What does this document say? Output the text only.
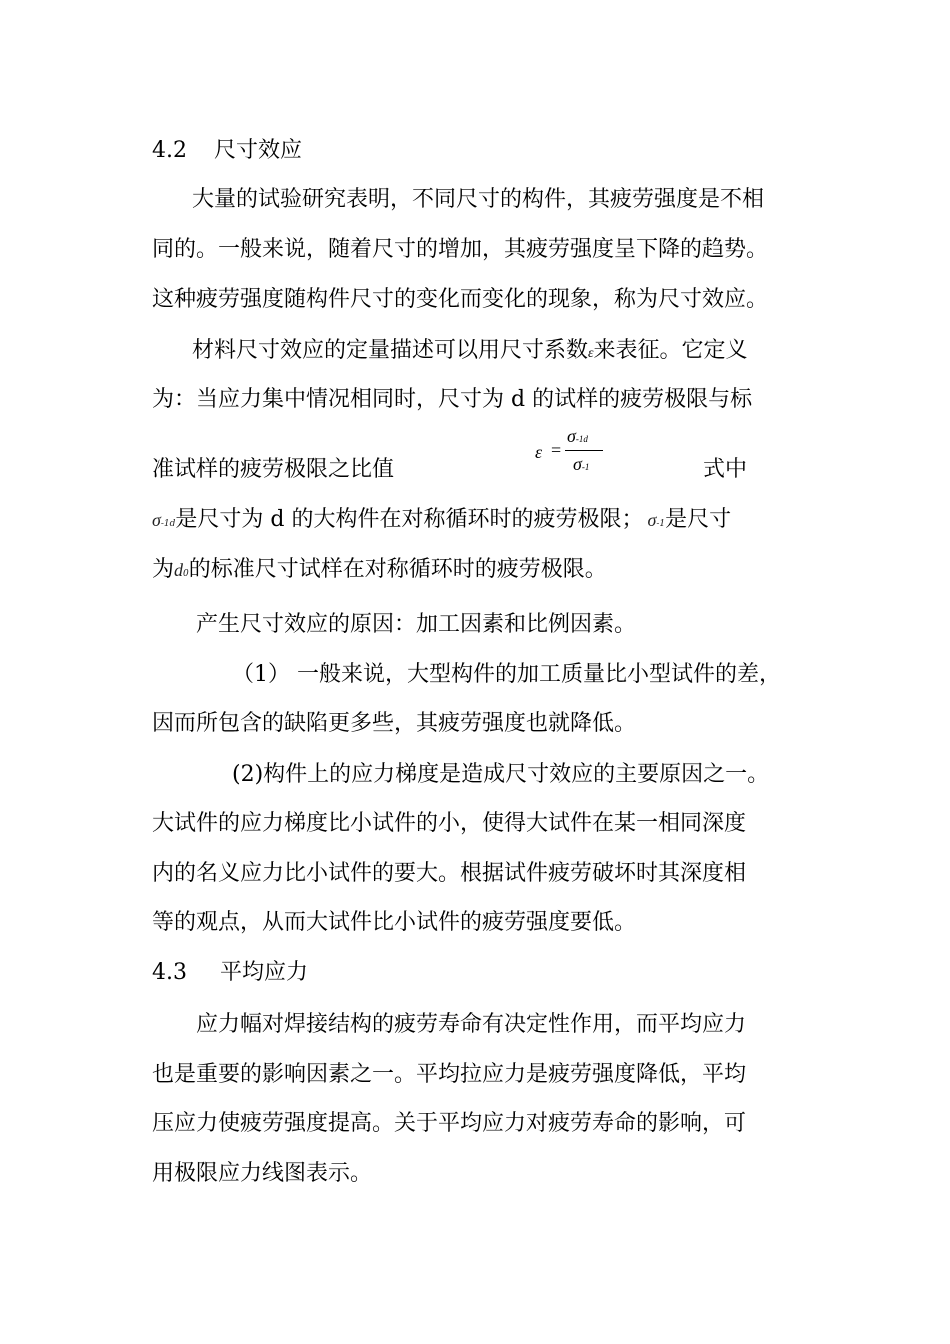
4.2 尺寸效应
大量的试验研究表明，不同尺寸的构件，其疲劳强度是不相
同的。一般来说，随着尺寸的增加，其疲劳强度呈下降的趋势。
这种疲劳强度随构件尺寸的变化而变化的现象，称为尺寸效应。
材料尺寸效应的定量描述可以用尺寸系数ε来表征。它定义
为：当应力集中情况相同时，尺寸为 d 的试样的疲劳极限与标
准试样的疲劳极限之比值
ε =
σ-1d
σ-1	式中
σ-1d是尺寸为 d 的大构件在对称循环时的疲劳极限； σ-1是尺寸
为d0的标准尺寸试样在对称循环时的疲劳极限。
产生尺寸效应的原因：加工因素和比例因素。
（1） 一般来说，大型构件的加工质量比小型试件的差，
因而所包含的缺陷更多些，其疲劳强度也就降低。
(2)构件上的应力梯度是造成尺寸效应的主要原因之一。
大试件的应力梯度比小试件的小，使得大试件在某一相同深度
内的名义应力比小试件的要大。根据试件疲劳破坏时其深度相
等的观点，从而大试件比小试件的疲劳强度要低。
4.3 平均应力
应力幅对焊接结构的疲劳寿命有决定性作用，而平均应力
也是重要的影响因素之一。平均拉应力是疲劳强度降低，平均
压应力使疲劳强度提高。关于平均应力对疲劳寿命的影响，可
用极限应力线图表示。
